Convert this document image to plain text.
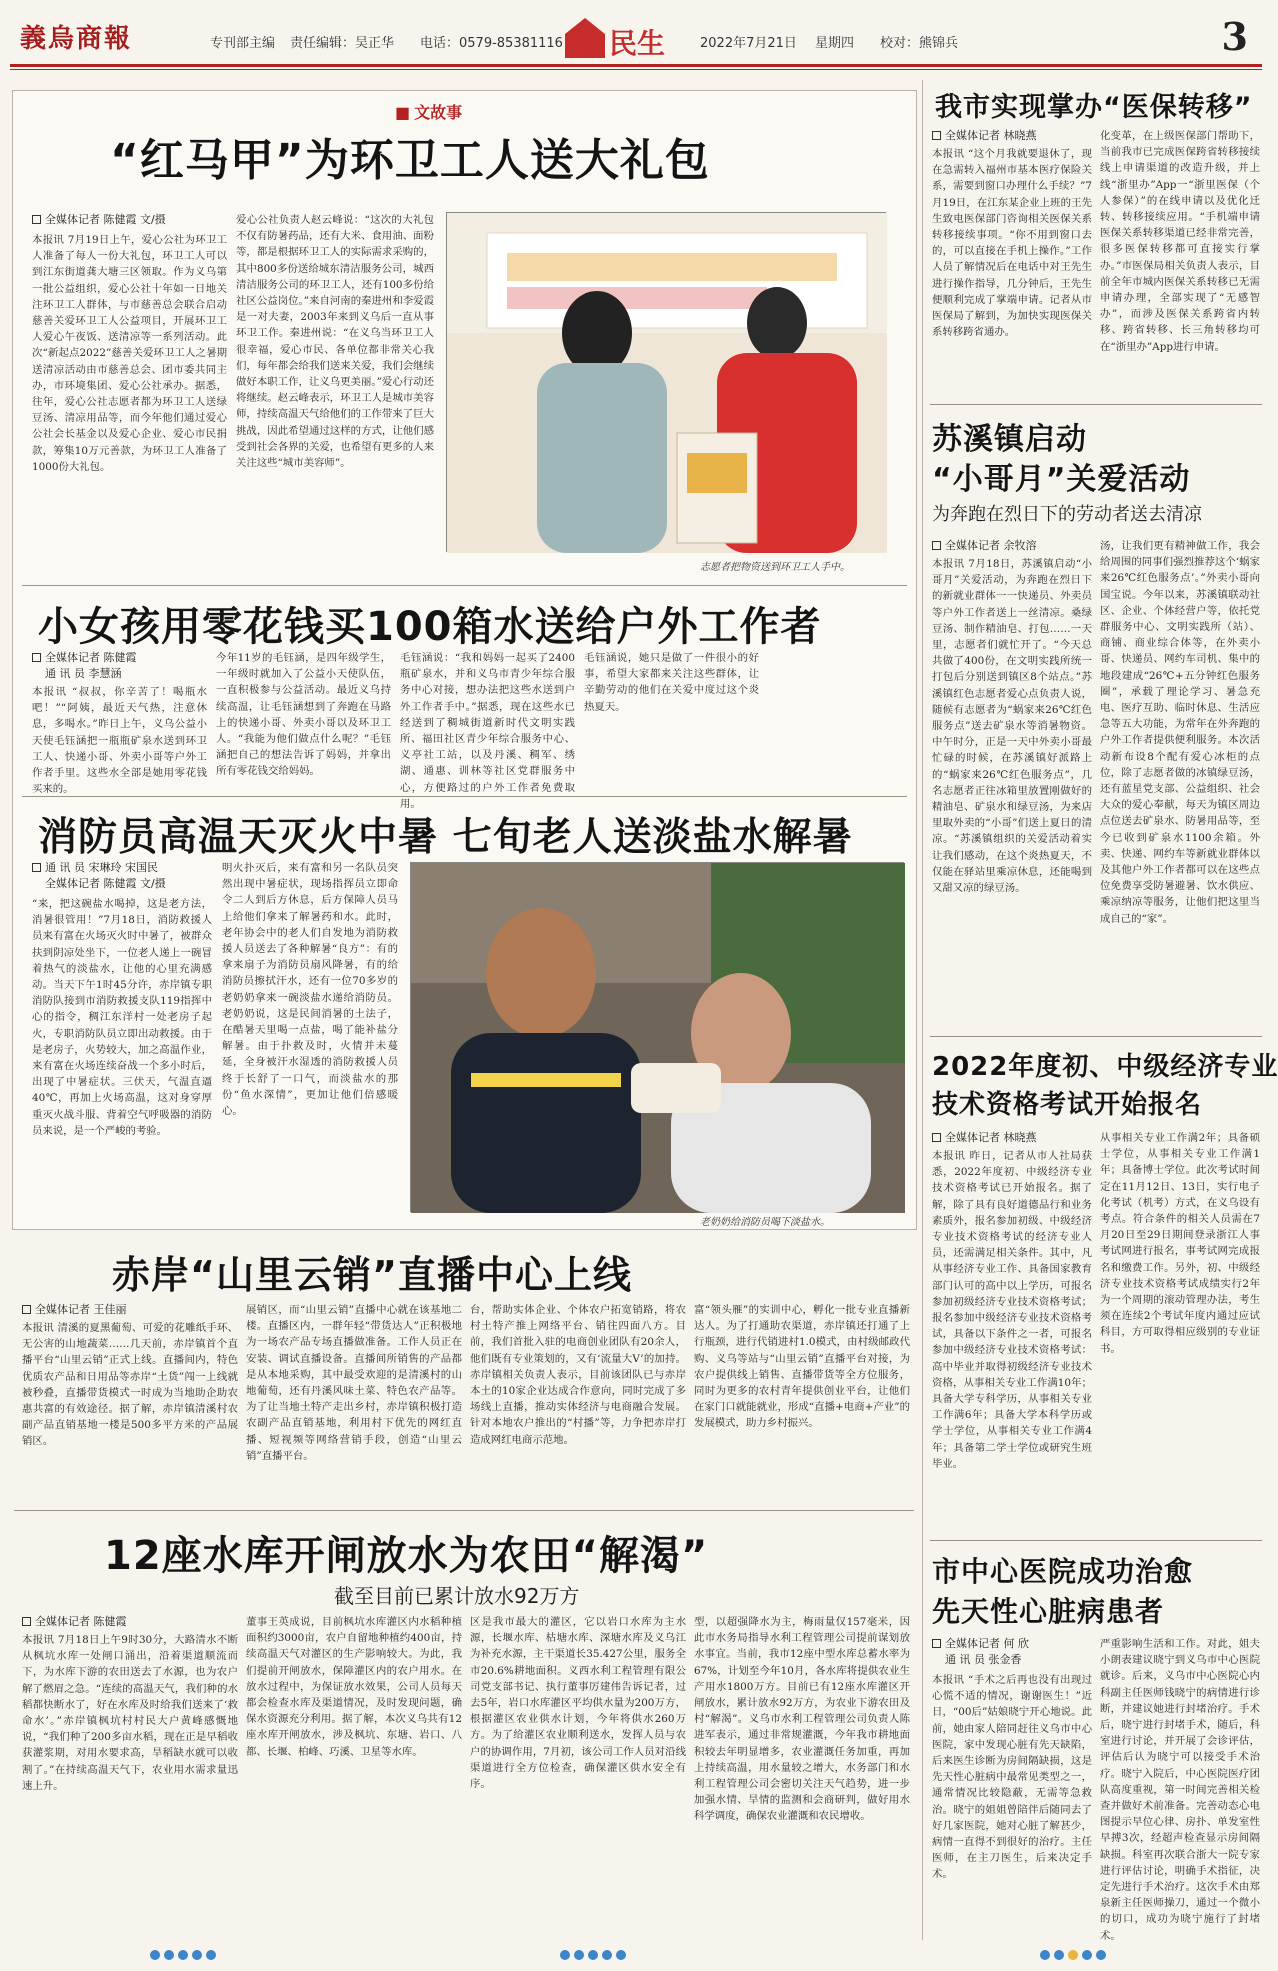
義烏商報	专刊部主编 责任编辑：吴正华 电话：0579-85381116 民生	2022年7月21日 星期四 校对：熊锦兵	3
■ 文故事
“红马甲”为环卫工人送大礼包
全媒体记者 陈健霞 文/摄
本报讯 7月19日上午，爱心公社为环卫工人准备了每人一份大礼包，环卫工人可以到江东街道龚大塘三区领取。作为义乌第一批公益组织，爱心公社十年如一日地关注环卫工人群体，与市慈善总会联合启动慈善关爱环卫工人公益项目，开展环卫工人爱心午夜饭、送清凉等一系列活动。此次“新起点2022”慈善关爱环卫工人之暑期送清凉活动由市慈善总会、团市委共同主办，市环境集团、爱心公社承办。据悉，往年，爱心公社志愿者都为环卫工人送绿豆汤、清凉用品等，而今年他们通过爱心公社会长基金以及爱心企业、爱心市民捐款，筹集10万元善款，为环卫工人准备了1000份大礼包。
爱心公社负责人赵云峰说：“这次的大礼包不仅有防暑药品，还有大米、食用油、面粉等，都是根据环卫工人的实际需求采购的，其中800多份送给城东清洁服务公司，城西清洁服务公司的环卫工人，还有100多份给社区公益岗位。”来自河南的秦进州和李爱霞是一对夫妻，2003年来到义乌后一直从事环卫工作。秦进州说：“在义乌当环卫工人很幸福，爱心市民、各单位都非常关心我们，每年都会给我们送来关爱，我们会继续做好本职工作，让义乌更美丽。”爱心行动还将继续。赵云峰表示，环卫工人是城市美容师，持续高温天气给他们的工作带来了巨大挑战，因此希望通过这样的方式，让他们感受到社会各界的关爱，也希望有更多的人来关注这些“城市美容师”。
志愿者把物资送到环卫工人手中。
小女孩用零花钱买100箱水送给户外工作者
全媒体记者 陈健霞
通 讯 员 李慧涵
本报讯 “叔叔，你辛苦了！喝瓶水吧！”“阿姨，最近天气热，注意休息，多喝水。”昨日上午，义乌公益小天使毛钰涵把一瓶瓶矿泉水送到环卫工人、快递小哥、外卖小哥等户外工作者手里。这些水全部是她用零花钱买来的。
今年11岁的毛钰涵，是四年级学生，一年级时就加入了公益小天使队伍，一直积极参与公益活动。最近义乌持续高温，让毛钰涵想到了奔跑在马路上的快递小哥、外卖小哥以及环卫工人。“我能为他们做点什么呢？”毛钰涵把自己的想法告诉了妈妈，并拿出所有零花钱交给妈妈。
毛钰涵说：“我和妈妈一起买了2400瓶矿泉水，并和义乌市青少年综合服务中心对接，想办法把这些水送到户外工作者手中。”据悉，现在这些水已经送到了稠城街道新时代文明实践所、福田社区青少年综合服务中心、义亭社工站，以及丹溪、稠军、绣湖、通惠、训林等社区党群服务中心，方便路过的户外工作者免费取用。
毛钰涵说，她只是做了一件很小的好事，希望大家都来关注这些群体，让辛勤劳动的他们在关爱中度过这个炎热夏天。
消防员高温天灭火中暑 七旬老人送淡盐水解暑
通 讯 员 宋琳玲 宋国民
全媒体记者 陈健霞 文/摄
“来，把这碗盐水喝掉，这是老方法，消暑很管用！”7月18日，消防救援人员来有富在火场灭火时中暑了，被群众扶到阴凉处坐下，一位老人递上一碗冒着热气的淡盐水，让他的心里充满感动。当天下午1时45分许，赤岸镇专职消防队接到市消防救援支队119指挥中心的指令，稠江东洋村一处老房子起火，专职消防队员立即出动救援。由于是老房子，火势较大，加之高温作业，来有富在火场连续奋战一个多小时后，出现了中暑症状。三伏天，气温直逼40℃，再加上火场高温，这对身穿厚重灭火战斗服、背着空气呼吸器的消防员来说，是一个严峻的考验。
明火扑灭后，来有富和另一名队员突然出现中暑症状，现场指挥员立即命令二人到后方休息，后方保障人员马上给他们拿来了解暑药和水。此时，老年协会中的老人们自发地为消防救援人员送去了各种解暑“良方”：有的拿来扇子为消防员扇风降暑，有的给消防员擦拭汗水，还有一位70多岁的老奶奶拿来一碗淡盐水递给消防员。老奶奶说，这是民间消暑的土法子，在酷暑天里喝一点盐，喝了能补盐分解暑。由于扑救及时，火情并未蔓延，全身被汗水湿透的消防救援人员终于长舒了一口气，而淡盐水的那份“鱼水深情”，更加让他们倍感暖心。
老奶奶给消防员喝下淡盐水。
我市实现掌办“医保转移”
全媒体记者 林晓燕
本报讯 “这个月我就要退休了，现在急需转入福州市基本医疗保险关系，需要到窗口办理什么手续？”7月19日，在江东某企业上班的王先生致电医保部门咨询相关医保关系转移接续事项。“你不用到窗口去的，可以直接在手机上操作。”工作人员了解情况后在电话中对王先生进行操作指导，几分钟后，王先生便顺利完成了掌端申请。记者从市医保局了解到，为加快实现医保关系转移跨省通办。
化变革，在上级医保部门帮助下，当前我市已完成医保跨省转移接续线上申请渠道的改造升级，并上线“浙里办”App一“浙里医保（个人参保）”的在线申请以及优化迁转、转移接续应用。“手机端申请医保关系转移渠道已经非常完善，很多医保转移都可直接实行掌办。”市医保局相关负责人表示，目前全年市城内医保关系转移已无需申请办理，全部实现了“无感智办”，而涉及医保关系跨省内转移、跨省转移、长三角转移均可在“浙里办”App进行申请。
苏溪镇启动
“小哥月”关爱活动
为奔跑在烈日下的劳动者送去清凉
全媒体记者 余牧溶
本报讯 7月18日，苏溪镇启动“小哥月”关爱活动，为奔跑在烈日下的新就业群体一一快递员、外卖员等户外工作者送上一丝清凉。桑绿豆汤、制作精油皂、打包……一天里，志愿者们就忙开了。“今天总共做了400份，在文明实践所统一打包后分别送到镇区8个站点。”苏溪镇红色志愿者爱心点负责人说，随候有志愿者为“蜗家来26℃红色服务点”送去矿泉水等消暑物资。中午时分，正是一天中外卖小哥最忙碌的时候，在苏溪镇好派路上的“蜗家来26℃红色服务点”，几名志愿者正往冰箱里放置刚做好的精油皂、矿泉水和绿豆汤，为来店里取外卖的“小哥”们送上夏日的清凉。“苏溪镇组织的关爱活动着实让我们感动，在这个炎热夏天，不仅能在驿站里乘凉休息，还能喝到又甜又凉的绿豆汤。
汤，让我们更有精神做工作，我会给周围的同事们强烈推荐这个‘蜗家来26℃红色服务点’。”外卖小哥向国宝说。今年以来，苏溪镇联动社区、企业、个体经营户等，依托党群服务中心、文明实践所（站）、商铺、商业综合体等，在外卖小哥、快递员、网约车司机、集中的地段建成“26℃+五分钟红色服务圈”，承载了理论学习、暑急充电、医疗互助、临时休息、生活应急等五大功能，为常年在外奔跑的户外工作者提供便利服务。本次活动新布设8个配有爱心冰柜的点位，除了志愿者做的冰镇绿豆汤，还有蓝星党支部、公益组织、社会大众的爱心奉献，每天为镇区周边点位送去矿泉水、防暑用品等，至今已收到矿泉水1100余箱。外卖、快递、网约车等新就业群体以及其他户外工作者都可以在这些点位免费享受防暑避暑、饮水供应、乘凉纳凉等服务，让他们把这里当成自己的“家”。
2022年度初、中级经济专业
技术资格考试开始报名
全媒体记者 林晓燕
本报讯 昨日，记者从市人社局获悉，2022年度初、中级经济专业技术资格考试已开始报名。据了解，除了具有良好道德品行和业务素质外，报名参加初级、中级经济专业技术资格考试的经济专业人员，还需满足相关条件。其中，凡从事经济专业工作、具备国家教育部门认可的高中以上学历，可报名参加初级经济专业技术资格考试；报名参加中级经济专业技术资格考试，具备以下条件之一者，可报名参加中级经济专业技术资格考试：高中毕业并取得初级经济专业技术资格，从事相关专业工作满10年；具备大学专科学历，从事相关专业工作满6年；具备大学本科学历或学士学位，从事相关专业工作满4年；具备第二学士学位或研究生班毕业。
从事相关专业工作满2年；具备硕士学位，从事相关专业工作满1年；具备博士学位。此次考试时间定在11月12日、13日，实行电子化考试（机考）方式，在义乌设有考点。符合条件的相关人员需在7月20日至29日期间登录浙江人事考试网进行报名，事考试网完成报名和缴费工作。另外，初、中级经济专业技术资格考试成绩实行2年为一个周期的滚动管理办法，考生须在连续2个考试年度内通过应试科目，方可取得相应级别的专业证书。
市中心医院成功治愈
先天性心脏病患者
全媒体记者 何 欣
通 讯 员 张金香
本报讯 “手术之后再也没有出现过心慌不适的情况，谢谢医生！”近日，“00后”姑娘晓宁开心地说。此前，她由家人陪同赶往义乌市中心医院，家中发现心脏有先天缺陷，后来医生诊断为房间隔缺损，这是先天性心脏病中最常见类型之一，通常情况比较隐蔽，无需等急救治。晓宁的姐姐曾陪伴后随同去了好几家医院，她对心脏了解甚少，病情一直得不到很好的治疗。主任医师，在主刀医生，后来决定手术。
严重影响生活和工作。对此，姐夫小朗表建议晓宁到义乌市中心医院就诊。后来，义乌市中心医院心内科副主任医师钱晓宁的病情进行诊断，并建议她进行封堵治疗。手术后，晓宁进行封堵手术，随后，科室进行讨论，并开展了会诊评估，评估后认为晓宁可以接受手术治疗。晓宁入院后，中心医院医疗团队高度重视，第一时间完善相关检查并做好术前准备。完善动态心电图提示早位心律、房扑、单发室性早搏3次，经超声检查显示房间隔缺损。科室再次联合浙大一院专家进行评估讨论，明确手术指征，决定先进行手术治疗。这次手术由郑泉新主任医师操刀，通过一个微小的切口，成功为晓宁施行了封堵术。
赤岸“山里云销”直播中心上线
全媒体记者 王佳丽
本报讯 清溪的夏黑葡萄、可爱的花雕纸手环、无公害的山地蔬菜……几天前，赤岸镇首个直播平台“山里云销”正式上线。直播间内，特色优质农产品和日用品等赤岸“土货”闯一上线就被秒叠，直播带货模式一时成为当地助企助农惠共富的有效途径。据了解，赤岸镇清溪村农副产品直销基地一楼是500多平方米的产品展销区。
展销区，而“山里云销”直播中心就在该基地二楼。直播区内，一群年轻“带货达人”正积极地为一场农产品专场直播做准备。工作人员正在安装、调试直播设备。直播间所销售的产品都是从本地采购，其中最受欢迎的是清溪村的山地葡萄，还有丹溪风味土菜、特色农产品等。为了让当地土特产走出乡村，赤岸镇积极打造农副产品直销基地，利用村下优先的网红直播、短视频等网络营销手段，创造“山里云销”直播平台。
台，帮助实体企业、个体农户拓宽销路，将农村土特产推上网络平台、销往四面八方。目前，我们首批入驻的电商创业团队有20余人，他们既有专业策划的，又有‘流量大V’的加持。赤岸镇相关负责人表示，目前该团队已与赤岸本土的10家企业达成合作意向，同时完成了多场线上直播，推动实体经济与电商融合发展。针对本地农户推出的“村播”等，力争把赤岸打造成网红电商示范地。
富“领头雁”的实训中心，孵化一批专业直播新达人。为了打通助农渠道，赤岸镇还打通了上行瓶颈，进行代销进村1.0模式，由村级邮政代购、义乌等站与“山里云销”直播平台对接，为农户提供线上销售、直播带货等全方位服务，同时为更多的农村青年提供创业平台，让他们在家门口就能就业，形成“直播+电商+产业”的发展模式，助力乡村振兴。
12座水库开闸放水为农田“解渴”
截至目前已累计放水92万方
全媒体记者 陈健霞
本报讯 7月18日上午9时30分，大路清水不断从枫坑水库一处闸口涌出，沿着渠道顺流而下，为水库下游的农田送去了水源，也为农户解了燃眉之急。“连续的高温天气，我们种的水稻都快断水了，好在水库及时给我们送来了‘救命水’。”赤岸镇枫坑村村民大户黄峰感慨地说，“我们种了200多亩水稻，现在正是早稻收获灌浆期，对用水要求高，旱稻缺水就可以收割了。”在持续高温天气下，农业用水需求量迅速上升。
董事王英成说，目前枫坑水库灌区内水稻种植面积约3000亩，农户自留地种植约400亩，持续高温天气对灌区的生产影响较大。为此，我们提前开闸放水，保障灌区内的农户用水。在放水过程中，为保证放水效果，公司人员每天都会检查水库及渠道情况，及时发现问题，确保水资源充分利用。据了解，本次义乌共有12座水库开闸放水，涉及枫坑、东塘、岩口、八都、长堰、柏峰、巧溪、卫星等水库。
区是我市最大的灌区，它以岩口水库为主水源，长堰水库、枯塘水库、深塘水库及义乌江为补充水源，主干渠道长35.427公里，服务全市20.6%耕地面积。义西水利工程管理有限公司党支部书记、执行董事厉建伟告诉记者，过去5年，岩口水库灌区平均供水量为200万方，根据灌区农业供水计划，今年将供水260万方。为了给灌区农业顺利送水，发挥人员与农户的协调作用，7月初，该公司工作人员对沿线渠道进行全方位检查，确保灌区供水安全有序。
型，以超强降水为主，梅雨量仅157毫米，因此市水务局指导水利工程管理公司提前谋划放水事宜。当前，我市12座中型水库总蓄水率为67%，计划至今年10月，各水库将提供农业生产用水1800万方。目前已有12座水库灌区开闸放水，累计放水92万方，为农业下游农田及村“解渴”。义乌市水利工程管理公司负责人陈进军表示，通过非常规灌溉，今年我市耕地面积较去年明显增多，农业灌溉任务加重，再加上持续高温，用水量较之增大，水务部门和水利工程管理公司会密切关注天气趋势，进一步加强水情、旱情的监测和会商研判，做好用水科学调度，确保农业灌溉和农民增收。
